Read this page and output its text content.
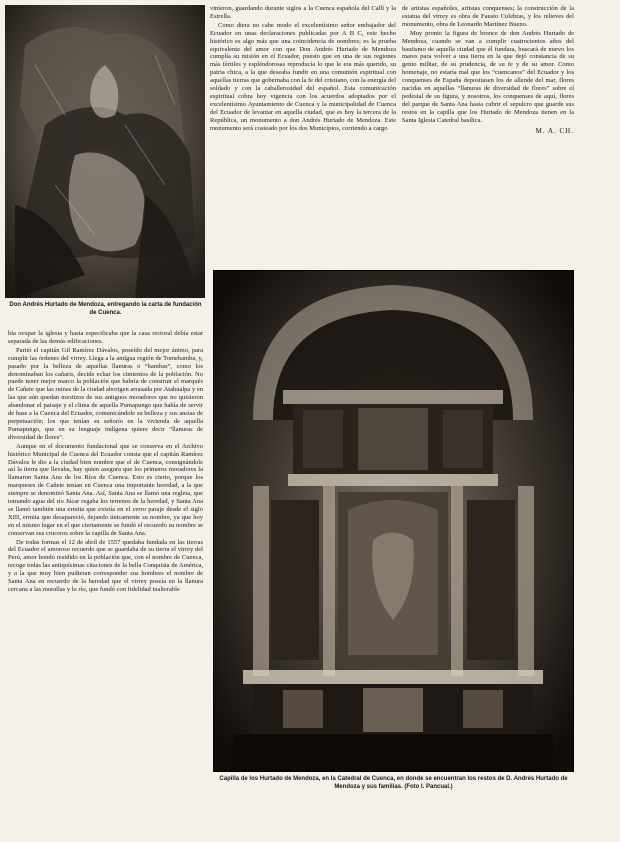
Don Andrés Hurtado de Mendoza, entregando la carta de fundación de Cuenca.

bía ocupar la iglesia y hasta especificaba que la casa rectoral debía estar separada de las demás edificaciones.

Partió el capitán Gil Ramírez Dávalos, poseído del mejor ánimo, para cumplir las órdenes del virrey. Llega a la antigua región de Tomebamba, y, pasado por la belleza de aquellas llanuras o “bambas”, como los denominaban los cañaris, decide echar los cimientos de la población. No puede tener mejor marco la población que habría de construir el marqués de Cañete que las ruinas de la ciudad aborigen arrasada por Atahualpa y en las que aún quedan mestizos de sus antiguos moradores que no quisieron abandonar el paisaje y el clima de aquella Pumapungo que había de servir de base a la Cuenca del Ecuador, comunicándole su belleza y sus ansias de perpetuación; los que tenían su señorío en la vivienda de aquella Pumapungo, que en su lenguaje indígena quiere decir “llanuras de diversidad de flores”.

Aunque en el documento fundacional que se conserva en el Archivo histórico Municipal de Cuenca del Ecuador consta que el capitán Ramírez Dávalos le dio a la ciudad bien nombre que el de Cuenca, consignándole así la tierra que llevaba, hay quien asegura que los primeros moradores la llamaron Santa Ana de los Ríos de Cuenca. Esto es cierto, porque los marqueses de Cañete tenían en Cuenca una importante heredad, a la que siempre se denominó Santa Ana. Así, Santa Ana se llamó una regleta, que tomando agua del río Júcar regaba los terrenos de la heredad, y Santa Ana se llamó también una ermita que existía en el cerro paraje desde el siglo XIII, ermita que desapareció, dejando únicamente su nombre, ya que hoy en el mismo lugar en el que ciertamente se fundó el recuerdo su nombre se conservan sus cruceros sobre la capilla de Santa Ana.

De todas formas el 12 de abril de 1557 quedaba fundada en las tierras del Ecuador el amoroso recuerdo que se guardaba de su tierra el virrey del Perú, amor hondo residido en la población que, con el nombre de Cuenca, recoge todas las antiquísimas citaciones de la bella Conquista de América, y a la que muy bien pudieran corresponder sus hombres el nombre de Santa Ana en recuerdo de la heredad que el virrey poseía en la llanura cercana a las murallas y lo río, que fundó con fidelidad inalterable

vinieron, guardando durante siglos a la Cuenca española del Callí y la Estrella.

Como diera no cabe modo el excelentísimo señor embajador del Ecuador en unas declaraciones publicadas por A B C, este hecho histórico es algo más que una coincidencia de nombres; es la prueba equivalente del amor con que Don Andrés Hurtado de Mendoza cumplía su misión en el Ecuador, puesto que en una de sus regiones más fértiles y espléndorosas reproducía lo que le era más querido, su patria chica, a la que deseaba fundir en una comunión espiritual con aquellas tierras que gobernaba con la fe del cristiano, con la energía del soldado y con la caballerosidad del español. Esta comunicación espiritual cobra hoy vigencia con los acuerdos adoptados por el excelentísimo Ayuntamiento de Cuenca y la municipalidad de Cuenca del Ecuador de levantar en aquella ciudad, que es hoy la tercera de la República, un monumento a don Andrés Hurtado de Mendoza. Este monumento será costeado por los dos Municipios, corriendo a cargo

de artistas españoles, artistas conquenses; la construcción de la estatua del virrey es obra de Fausto Culebras, y los relieves del monumento, obra de Leonardo Martínez Bueno.

Muy pronto la figura de bronce de don Andrés Hurtado de Mendoza, cuando se van a cumplir cuatrocientos años del bautismo de aquella ciudad que él fundara, buscará de nuevo los mares para volver a una tierra en la que dejó constancia de su genio militar, de su prudencia, de su fe y de su amor. Como homenaje, no estaría mal que los “cuencanos” del Ecuador y los conquenses de España depositasen los de allende del mar, flores nacidas en aquellas “llanuras de diversidad de flores” sobre el pedestal de su figura, y nosotros, los conquenses de aquí, flores del parque de Santa Ana hasta cubrir el sepulcro que guarde sus restos en la capilla que los Hurtado de Mendoza tienen en la Santa Iglesia Catedral basílica.

M. A. CH.
Capilla de los Hurtado de Mendoza, en la Catedral de Cuenca, en donde se encuentran los restos de D. Andrés Hurtado de Mendoza y sus familias. (Foto I. Pancual.)
